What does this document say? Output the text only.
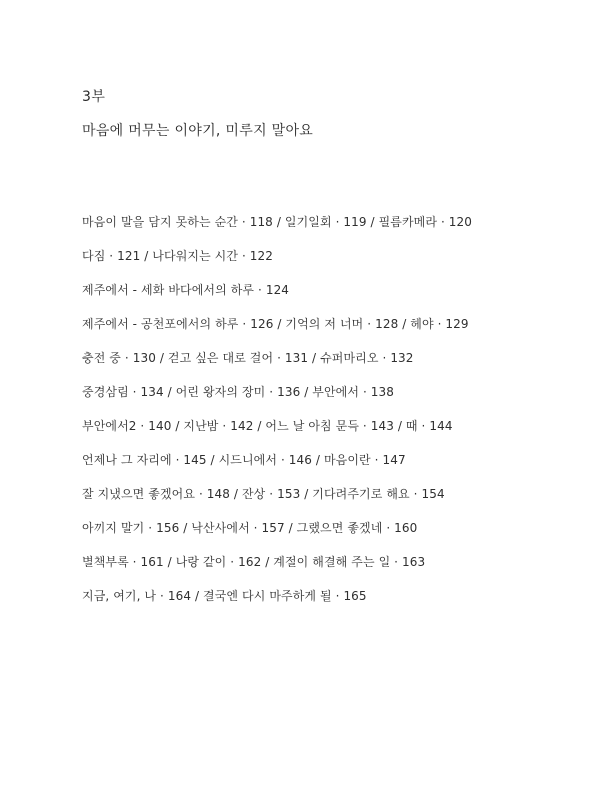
3부
마음에 머무는 이야기, 미루지 말아요
마음이 말을 담지 못하는 순간 · 118 / 일기일회 · 119 / 필름카메라 · 120
다짐 · 121 / 나다워지는 시간 · 122
제주에서 - 세화 바다에서의 하루 · 124
제주에서 - 공천포에서의 하루 · 126 / 기억의 저 너머 · 128 / 헤야 · 129
충전 중 · 130 / 걷고 싶은 대로 걸어 · 131 / 슈퍼마리오 · 132
중경삼림 · 134 / 어린 왕자의 장미 · 136 / 부안에서 · 138
부안에서2 · 140 / 지난밤 · 142 / 어느 날 아침 문득 · 143 / 때 · 144
언제나 그 자리에 · 145 / 시드니에서 · 146 / 마음이란 · 147
잘 지냈으면 좋겠어요 · 148 / 잔상 · 153 / 기다려주기로 해요 · 154
아끼지 말기 · 156 / 낙산사에서 · 157 / 그랬으면 좋겠네 · 160
별책부록 · 161 / 나랑 같이 · 162 / 계절이 해결해 주는 일 · 163
지금, 여기, 나 · 164 / 결국엔 다시 마주하게 될 · 165
